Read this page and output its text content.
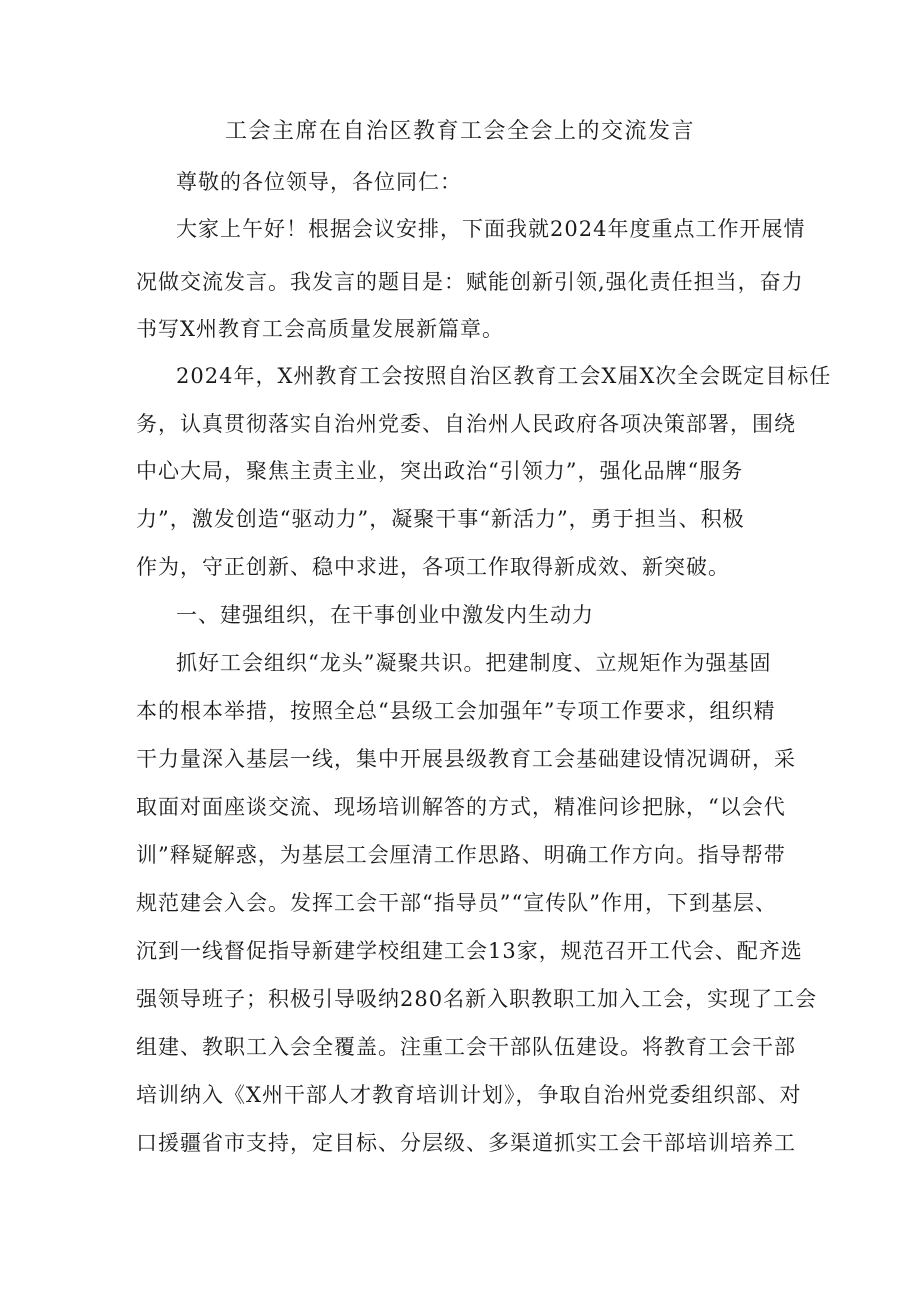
工会主席在自治区教育工会全会上的交流发言
尊敬的各位领导，各位同仁：
大家上午好！根据会议安排，下面我就2024年度重点工作开展情
况做交流发言。我发言的题目是：赋能创新引领,强化责任担当，奋力
书写X州教育工会高质量发展新篇章。
2024年，X州教育工会按照自治区教育工会X届X次全会既定目标任
务，认真贯彻落实自治州党委、自治州人民政府各项决策部署，围绕
中心大局，聚焦主责主业，突出政治“引领力”，强化品牌“服务
力”，激发创造“驱动力”，凝聚干事“新活力”，勇于担当、积极
作为，守正创新、稳中求进，各项工作取得新成效、新突破。
一、建强组织，在干事创业中激发内生动力
抓好工会组织“龙头”凝聚共识。把建制度、立规矩作为强基固
本的根本举措，按照全总“县级工会加强年”专项工作要求，组织精
干力量深入基层一线，集中开展县级教育工会基础建设情况调研，采
取面对面座谈交流、现场培训解答的方式，精准问诊把脉，“以会代
训”释疑解惑，为基层工会厘清工作思路、明确工作方向。指导帮带
规范建会入会。发挥工会干部“指导员”“宣传队”作用，下到基层、
沉到一线督促指导新建学校组建工会13家，规范召开工代会、配齐选
强领导班子；积极引导吸纳280名新入职教职工加入工会，实现了工会
组建、教职工入会全覆盖。注重工会干部队伍建设。将教育工会干部
培训纳入《X州干部人才教育培训计划》，争取自治州党委组织部、对
口援疆省市支持，定目标、分层级、多渠道抓实工会干部培训培养工
